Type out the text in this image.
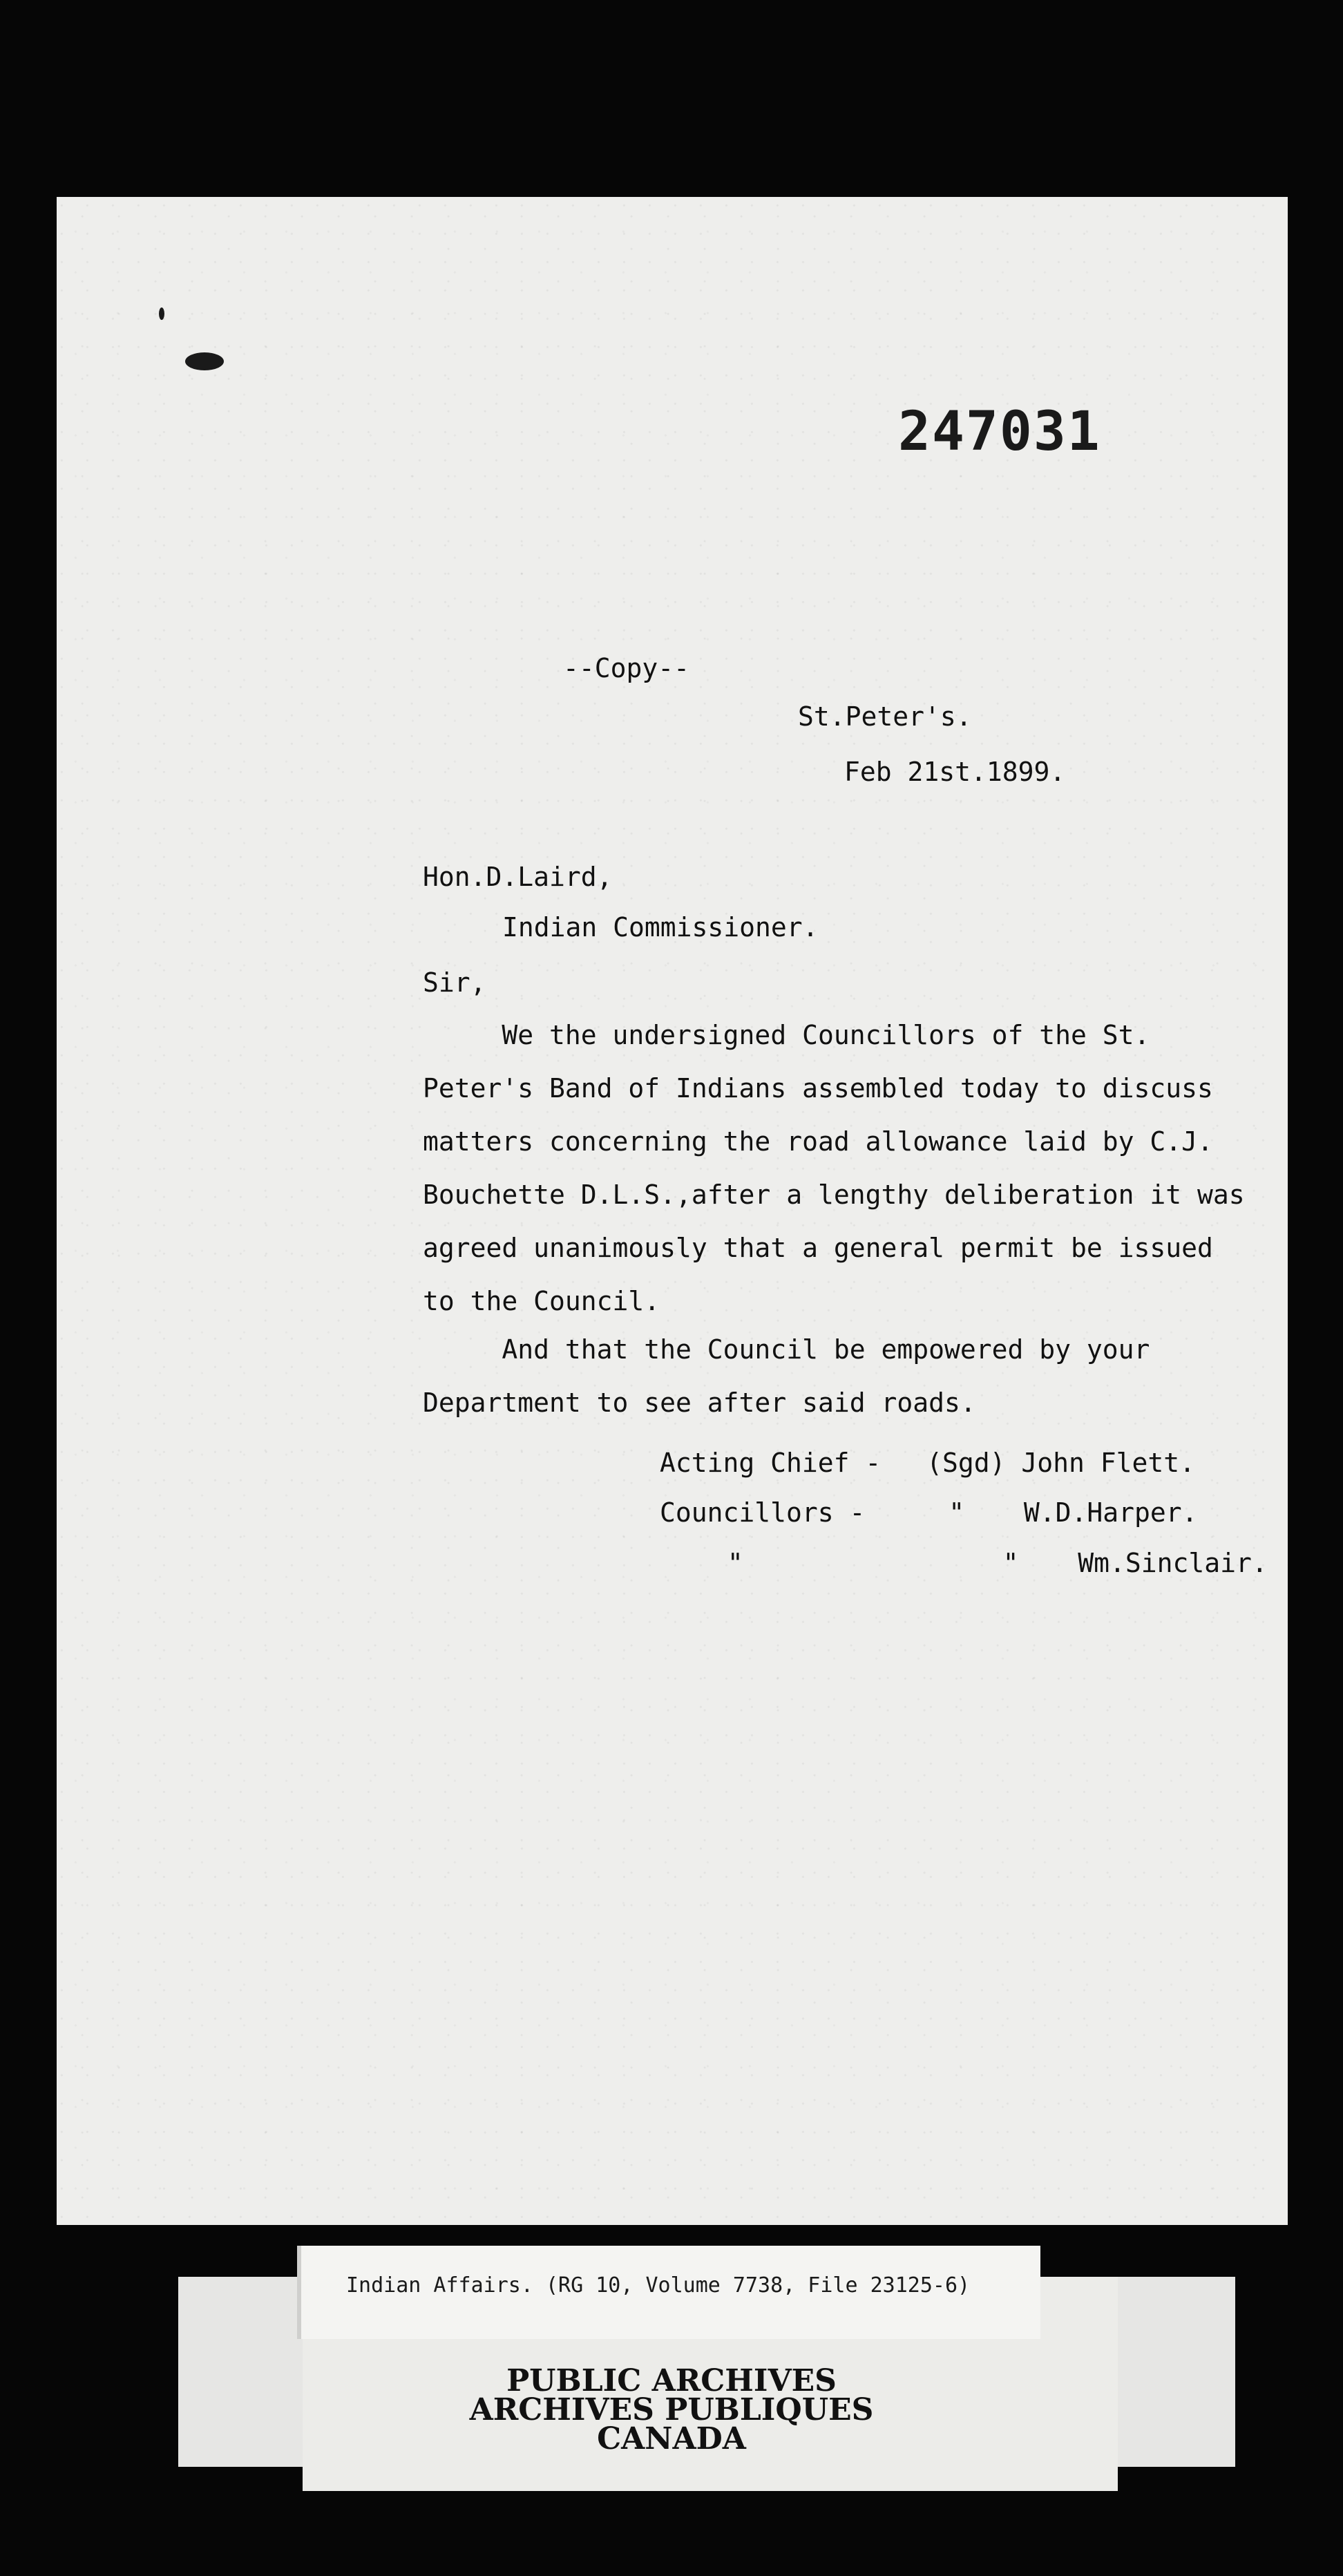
247031
--Copy--
St.Peter's.
Feb 21st.1899.
Hon.D.Laird,
Indian Commissioner.
Sir,
We the undersigned Councillors of the St.
Peter's Band of Indians assembled today to discuss
matters concerning the road allowance laid by C.J.
Bouchette D.L.S.,after a lengthy deliberation it was
agreed unanimously that a general permit be issued
to the Council.
And that the Council be empowered by your
Department to see after said roads.
Acting Chief -  (Sgd) John Flett.
Councillors -	" W.D.Harper.
"	" Wm.Sinclair.
Indian Affairs. (RG 10, Volume 7738, File 23125-6)
PUBLIC ARCHIVES
ARCHIVES PUBLIQUES
CANADA
